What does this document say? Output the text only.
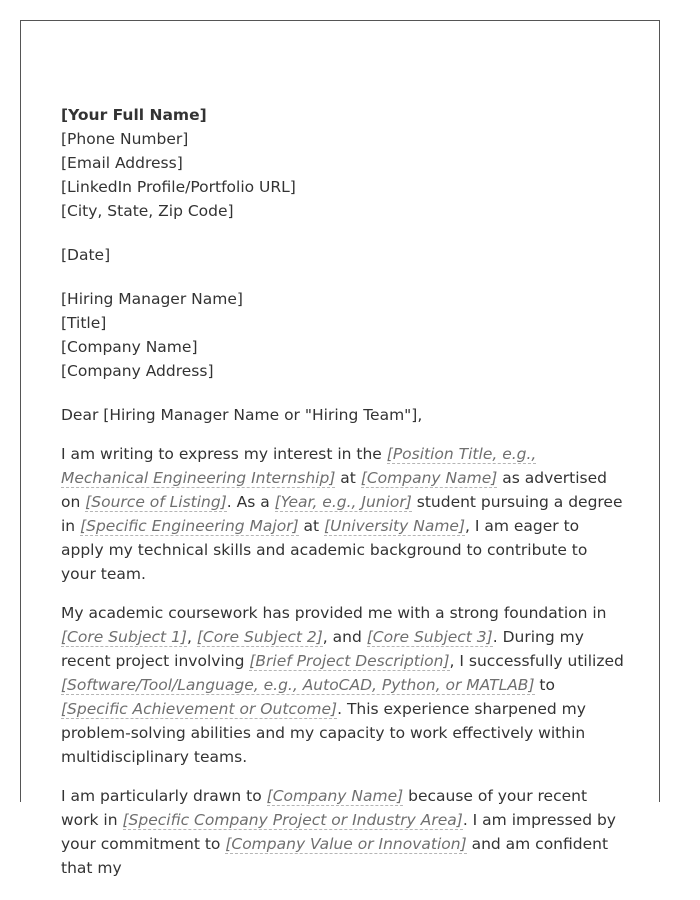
[Your Full Name]
[Phone Number]
[Email Address]
[LinkedIn Profile/Portfolio URL]
[City, State, Zip Code]
[Date]
[Hiring Manager Name]
[Title]
[Company Name]
[Company Address]

Dear [Hiring Manager Name or "Hiring Team"],

I am writing to express my interest in the [Position Title, e.g., Mechanical Engineering Internship] at [Company Name] as advertised on [Source of Listing]. As a [Year, e.g., Junior] student pursuing a degree in [Specific Engineering Major] at [University Name], I am eager to apply my technical skills and academic background to contribute to your team.

My academic coursework has provided me with a strong foundation in [Core Subject 1], [Core Subject 2], and [Core Subject 3]. During my recent project involving [Brief Project Description], I successfully utilized [Software/Tool/Language, e.g., AutoCAD, Python, or MATLAB] to [Specific Achievement or Outcome]. This experience sharpened my problem-solving abilities and my capacity to work effectively within multidisciplinary teams.

I am particularly drawn to [Company Name] because of your recent work in [Specific Company Project or Industry Area]. I am impressed by your commitment to [Company Value or Innovation] and am confident that my
